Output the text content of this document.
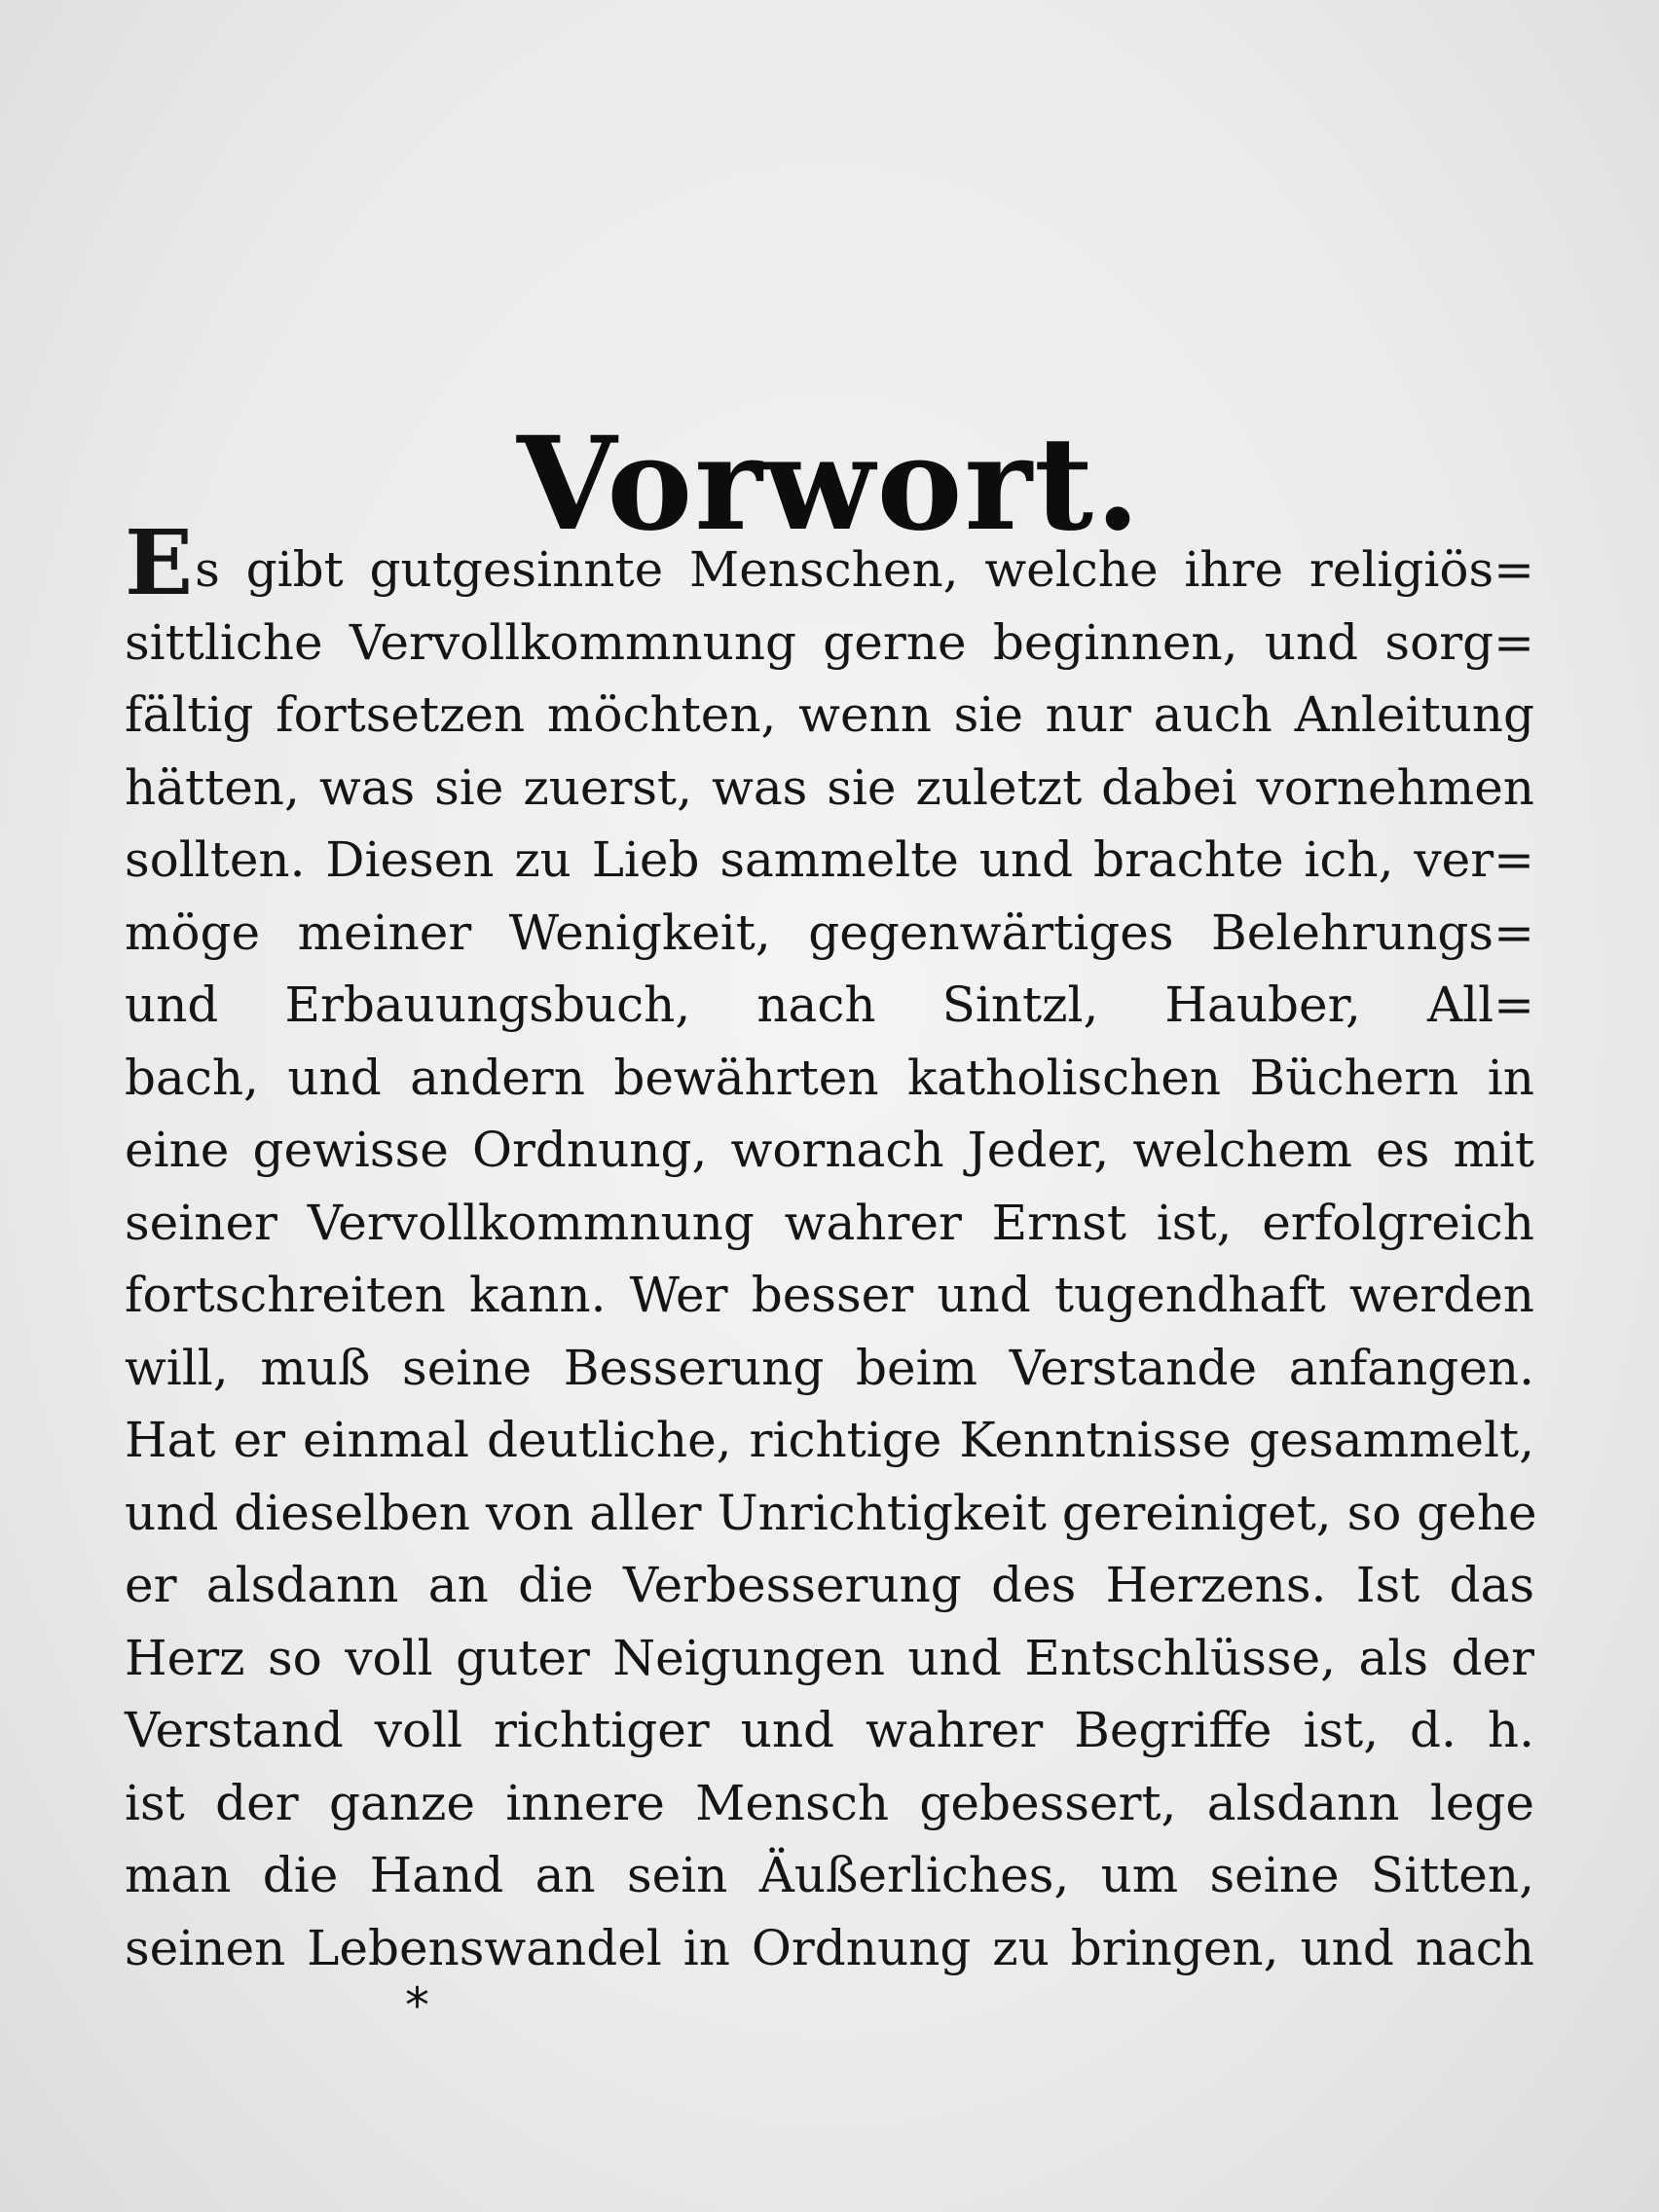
Vorwort.
Es gibt gutgesinnte Menschen, welche ihre religiös=
sittliche Vervollkommnung gerne beginnen, und sorg=
fältig fortsetzen möchten, wenn sie nur auch Anleitung
hätten, was sie zuerst, was sie zuletzt dabei vornehmen
sollten. Diesen zu Lieb sammelte und brachte ich, ver=
möge meiner Wenigkeit, gegenwärtiges Belehrungs=
und Erbauungsbuch, nach Sintzl, Hauber, All=
bach, und andern bewährten katholischen Büchern in
eine gewisse Ordnung, wornach Jeder, welchem es mit
seiner Vervollkommnung wahrer Ernst ist, erfolgreich
fortschreiten kann. Wer besser und tugendhaft werden
will, muß seine Besserung beim Verstande anfangen.
Hat er einmal deutliche, richtige Kenntnisse gesammelt,
und dieselben von aller Unrichtigkeit gereiniget, so gehe
er alsdann an die Verbesserung des Herzens. Ist das
Herz so voll guter Neigungen und Entschlüsse, als der
Verstand voll richtiger und wahrer Begriffe ist, d. h.
ist der ganze innere Mensch gebessert, alsdann lege
man die Hand an sein Äußerliches, um seine Sitten,
seinen Lebenswandel in Ordnung zu bringen, und nach
*
